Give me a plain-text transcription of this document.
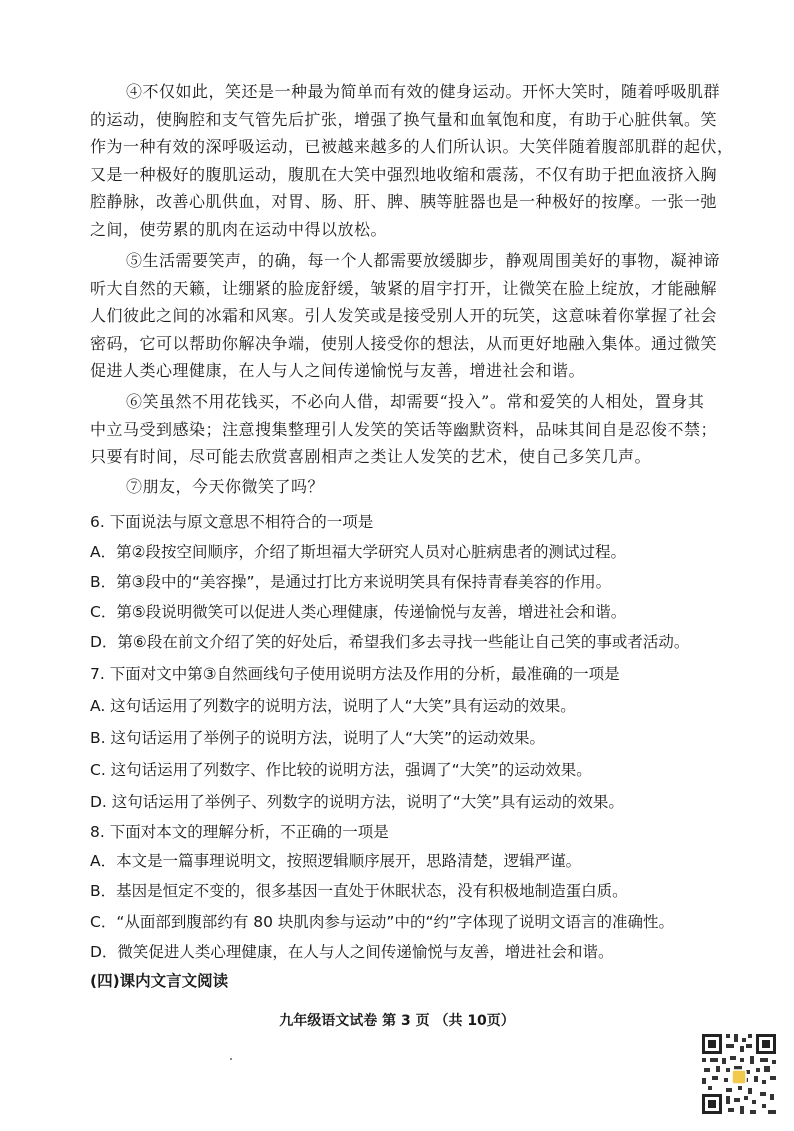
④不仅如此，笑还是一种最为简单而有效的健身运动。开怀大笑时，随着呼吸肌群
的运动，使胸腔和支气管先后扩张，增强了换气量和血氧饱和度，有助于心脏供氧。笑
作为一种有效的深呼吸运动，已被越来越多的人们所认识。大笑伴随着腹部肌群的起伏，
又是一种极好的腹肌运动，腹肌在大笑中强烈地收缩和震荡，不仅有助于把血液挤入胸
腔静脉，改善心肌供血，对胃、肠、肝、脾、胰等脏器也是一种极好的按摩。一张一弛
之间，使劳累的肌肉在运动中得以放松。
⑤生活需要笑声，的确，每一个人都需要放缓脚步，静观周围美好的事物，凝神谛
听大自然的天籁，让绷紧的脸庞舒缓，皱紧的眉宇打开，让微笑在脸上绽放，才能融解
人们彼此之间的冰霜和风寒。引人发笑或是接受别人开的玩笑，这意味着你掌握了社会
密码，它可以帮助你解决争端，使别人接受你的想法，从而更好地融入集体。通过微笑
促进人类心理健康，在人与人之间传递愉悦与友善，增进社会和谐。
⑥笑虽然不用花钱买，不必向人借，却需要“投入”。常和爱笑的人相处，置身其
中立马受到感染；注意搜集整理引人发笑的笑话等幽默资料，品味其间自是忍俊不禁；
只要有时间，尽可能去欣赏喜剧相声之类让人发笑的艺术，使自己多笑几声。
⑦朋友，今天你微笑了吗？
6. 下面说法与原文意思不相符合的一项是
A．第②段按空间顺序，介绍了斯坦福大学研究人员对心脏病患者的测试过程。
B．第③段中的“美容操”，是通过打比方来说明笑具有保持青春美容的作用。
C．第⑤段说明微笑可以促进人类心理健康，传递愉悦与友善，增进社会和谐。
D．第⑥段在前文介绍了笑的好处后，希望我们多去寻找一些能让自己笑的事或者活动。
7. 下面对文中第③自然画线句子使用说明方法及作用的分析，最准确的一项是
A. 这句话运用了列数字的说明方法，说明了人“大笑”具有运动的效果。
B. 这句话运用了举例子的说明方法，说明了人“大笑”的运动效果。
C. 这句话运用了列数字、作比较的说明方法，强调了“大笑”的运动效果。
D. 这句话运用了举例子、列数字的说明方法，说明了“大笑”具有运动的效果。
8. 下面对本文的理解分析，不正确的一项是
A．本文是一篇事理说明文，按照逻辑顺序展开，思路清楚，逻辑严谨。
B．基因是恒定不变的，很多基因一直处于休眠状态，没有积极地制造蛋白质。
C．“从面部到腹部约有 80 块肌肉参与运动”中的“约”字体现了说明文语言的准确性。
D．微笑促进人类心理健康，在人与人之间传递愉悦与友善，增进社会和谐。
(四)课内文言文阅读
九年级语文试卷 第 3 页 （共 10页）
